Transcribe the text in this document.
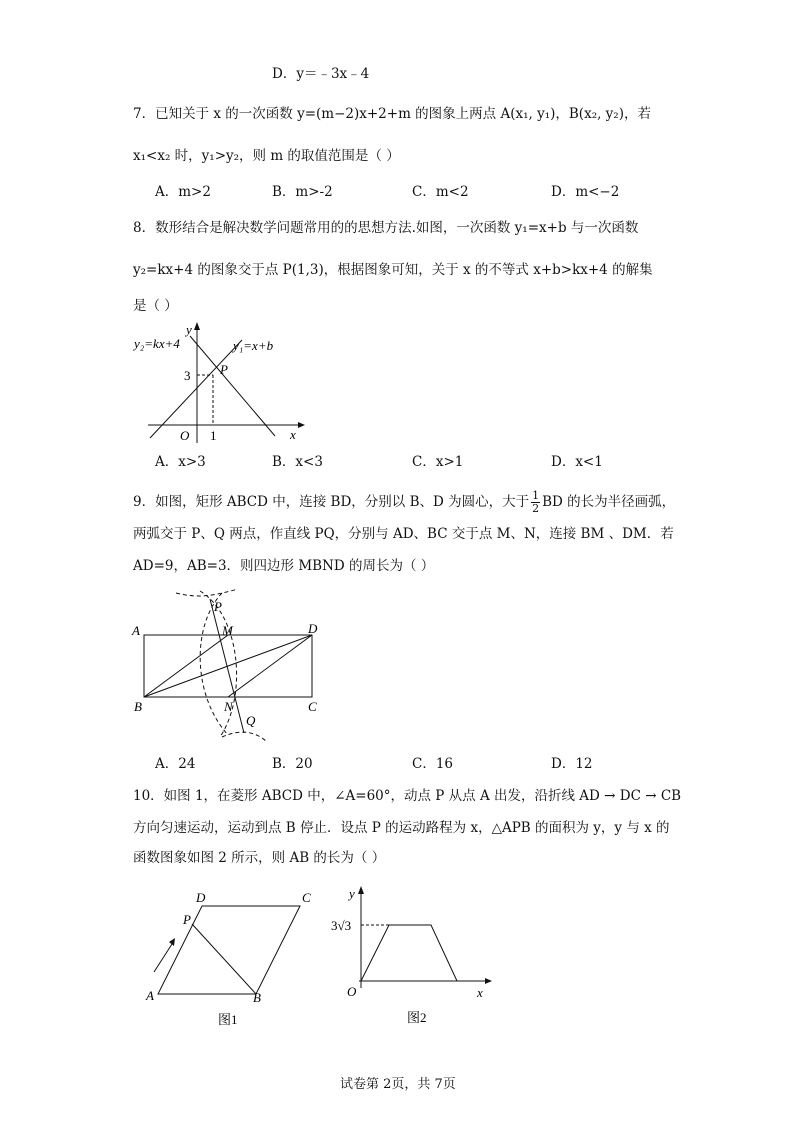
D．y＝﹣3x﹣4
7．已知关于 x 的一次函数 y=(m−2)x+2+m 的图象上两点 A(x₁, y₁)，B(x₂, y₂)，若
x₁<x₂ 时，y₁>y₂，则 m 的取值范围是（ ）
A．m>2	B．m>-2	C．m<2	D．m<−2
8．数形结合是解决数学问题常用的的思想方法.如图，一次函数 y₁=x+b 与一次函数
y₂=kx+4 的图象交于点 P(1,3)，根据图象可知，关于 x 的不等式 x+b>kx+4 的解集
是（ ）
y
y₂=kx+4	y₁=x+b
P
3
O 1	x
A．x>3	B．x<3	C．x>1	D．x<1
9．如图，矩形 ABCD 中，连接 BD，分别以 B、D 为圆心，大于 $\frac{1}{2}$ BD 的长为半径画弧，
两弧交于 P、Q 两点，作直线 PQ，分别与 AD、BC 交于点 M、N，连接 BM 、DM．若
AD=9，AB=3．则四边形 MBND 的周长为（ ）
A	M	D
B	N	C
P
Q
A．24	B．20	C．16	D．12
10．如图 1，在菱形 ABCD 中，∠A=60°，动点 P 从点 A 出发，沿折线 AD → DC → CB
方向匀速运动，运动到点 B 停止．设点 P 的运动路程为 x，△APB 的面积为 y，y 与 x 的
函数图象如图 2 所示，则 AB 的长为（ ）
D	C
P
A	B
图1
y
3√3
O	x
图2
试卷第 2页，共 7页
